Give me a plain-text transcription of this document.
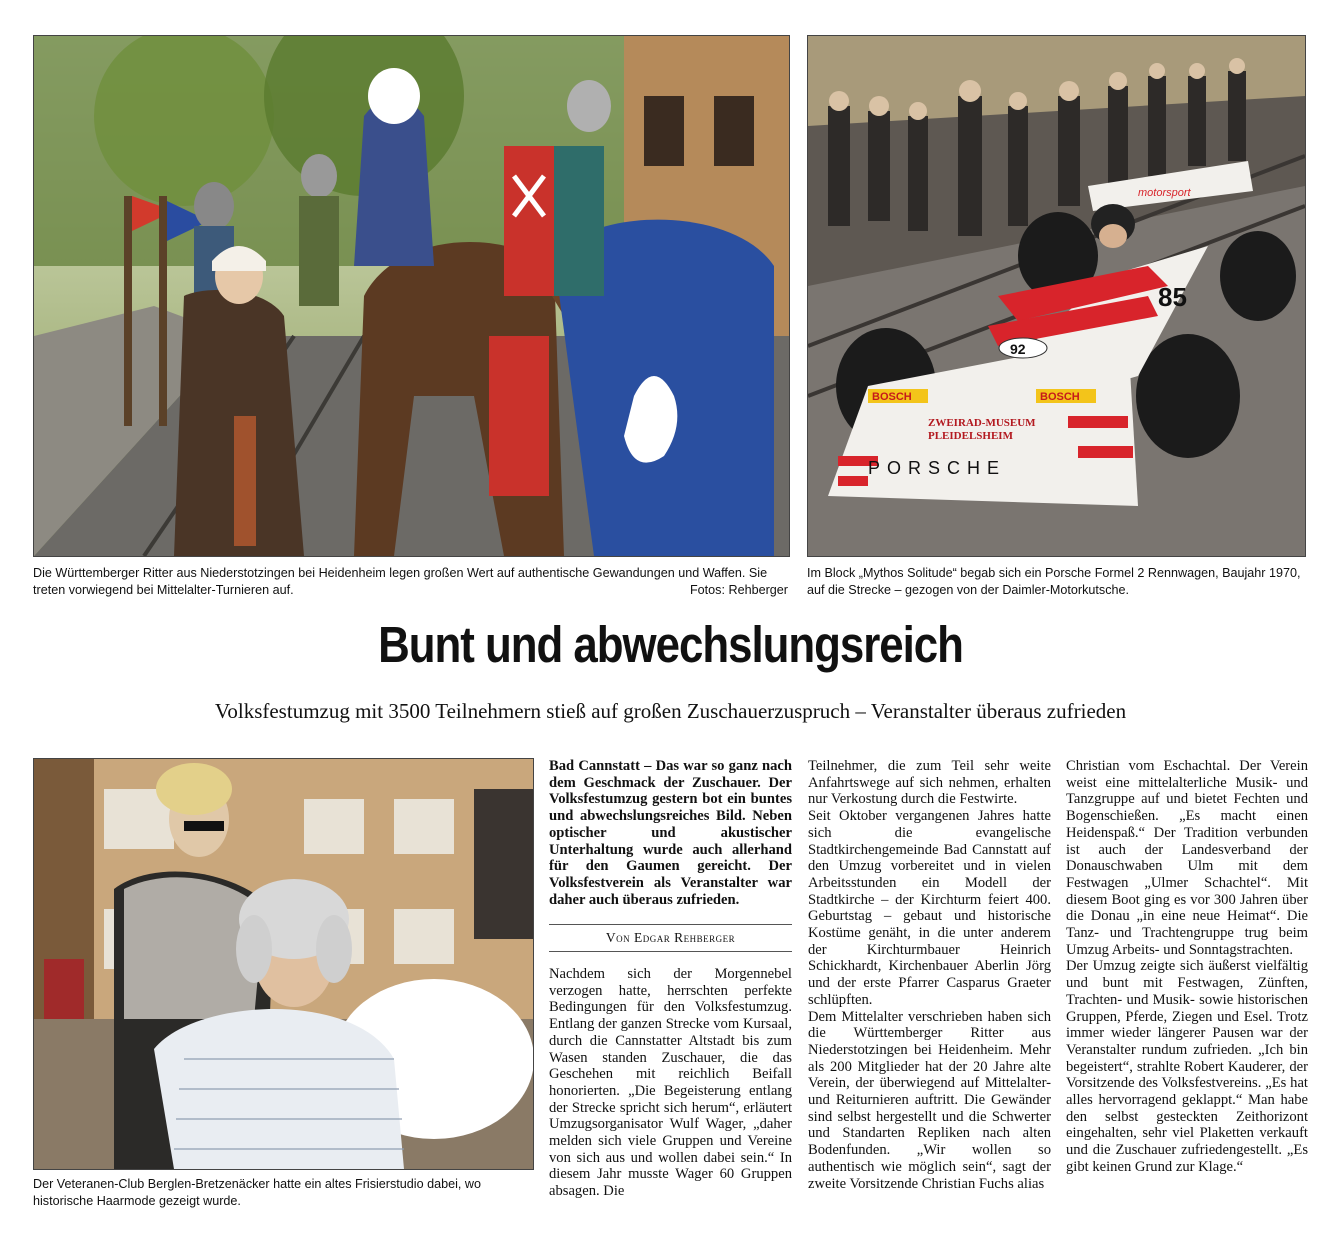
Die Württemberger Ritter aus Niederstotzingen bei Heidenheim legen großen Wert auf authentische Gewandungen und Waffen. Sie treten vorwiegend bei Mittelalter-Turnieren auf.	Fotos: Rehberger

BOSCH	BOSCH
ZWEIRAD-MUSEUM
PLEIDELSHEIM
PORSCHE
92
85
motorsport

Im Block „Mythos Solitude“ begab sich ein Porsche Formel 2 Rennwagen, Baujahr 1970, auf die Strecke – gezogen von der Daimler-Motorkutsche.

Bunt und abwechslungsreich
Volksfestumzug mit 3500 Teilnehmern stieß auf großen Zuschauerzuspruch – Veranstalter überaus zufrieden

Der Veteranen-Club Berglen-Bretzenäcker hatte ein altes Frisierstudio dabei, wo historische Haarmode gezeigt wurde.

Bad Cannstatt – Das war so ganz nach dem Geschmack der Zuschauer. Der Volksfestumzug gestern bot ein buntes und abwechslungsreiches Bild. Neben optischer und akustischer Unterhaltung wurde auch allerhand für den Gaumen gereicht. Der Volksfestverein als Veranstalter war daher auch überaus zufrieden.

Von Edgar Rehberger

Nachdem sich der Morgennebel verzogen hatte, herrschten perfekte Bedingungen für den Volksfestumzug. Entlang der ganzen Strecke vom Kursaal, durch die Cannstatter Altstadt bis zum Wasen standen Zuschauer, die das Geschehen mit reichlich Beifall honorierten. „Die Begeisterung entlang der Strecke spricht sich herum“, erläutert Umzugsorganisator Wulf Wager, „daher melden sich viele Gruppen und Vereine von sich aus und wollen dabei sein.“ In diesem Jahr musste Wager 60 Gruppen absagen. Die

Teilnehmer, die zum Teil sehr weite Anfahrtswege auf sich nehmen, erhalten nur Verkostung durch die Festwirte.

Seit Oktober vergangenen Jahres hatte sich die evangelische Stadtkirchengemeinde Bad Cannstatt auf den Umzug vorbereitet und in vielen Arbeitsstunden ein Modell der Stadtkirche – der Kirchturm feiert 400. Geburtstag – gebaut und historische Kostüme genäht, in die unter anderem der Kirchturmbauer Heinrich Schickhardt, Kirchenbauer Aberlin Jörg und der erste Pfarrer Casparus Graeter schlüpften.

Dem Mittelalter verschrieben haben sich die Württemberger Ritter aus Niederstotzingen bei Heidenheim. Mehr als 200 Mitglieder hat der 20 Jahre alte Verein, der überwiegend auf Mittelalter- und Reiturnieren auftritt. Die Gewänder sind selbst hergestellt und die Schwerter und Standarten Repliken nach alten Bodenfunden. „Wir wollen so authentisch wie möglich sein“, sagt der zweite Vorsitzende Christian Fuchs alias

Christian vom Eschachtal. Der Verein weist eine mittelalterliche Musik- und Tanzgruppe auf und bietet Fechten und Bogenschießen. „Es macht einen Heidenspaß.“ Der Tradition verbunden ist auch der Landesverband der Donauschwaben Ulm mit dem Festwagen „Ulmer Schachtel“. Mit diesem Boot ging es vor 300 Jahren über die Donau „in eine neue Heimat“. Die Tanz- und Trachtengruppe trug beim Umzug Arbeits- und Sonntagstrachten.

Der Umzug zeigte sich äußerst vielfältig und bunt mit Festwagen, Zünften, Trachten- und Musik- sowie historischen Gruppen, Pferde, Ziegen und Esel. Trotz immer wieder längerer Pausen war der Veranstalter rundum zufrieden. „Ich bin begeistert“, strahlte Robert Kauderer, der Vorsitzende des Volksfestvereins. „Es hat alles hervorragend geklappt.“ Man habe den selbst gesteckten Zeithorizont eingehalten, sehr viel Plaketten verkauft und die Zuschauer zufriedengestellt. „Es gibt keinen Grund zur Klage.“
